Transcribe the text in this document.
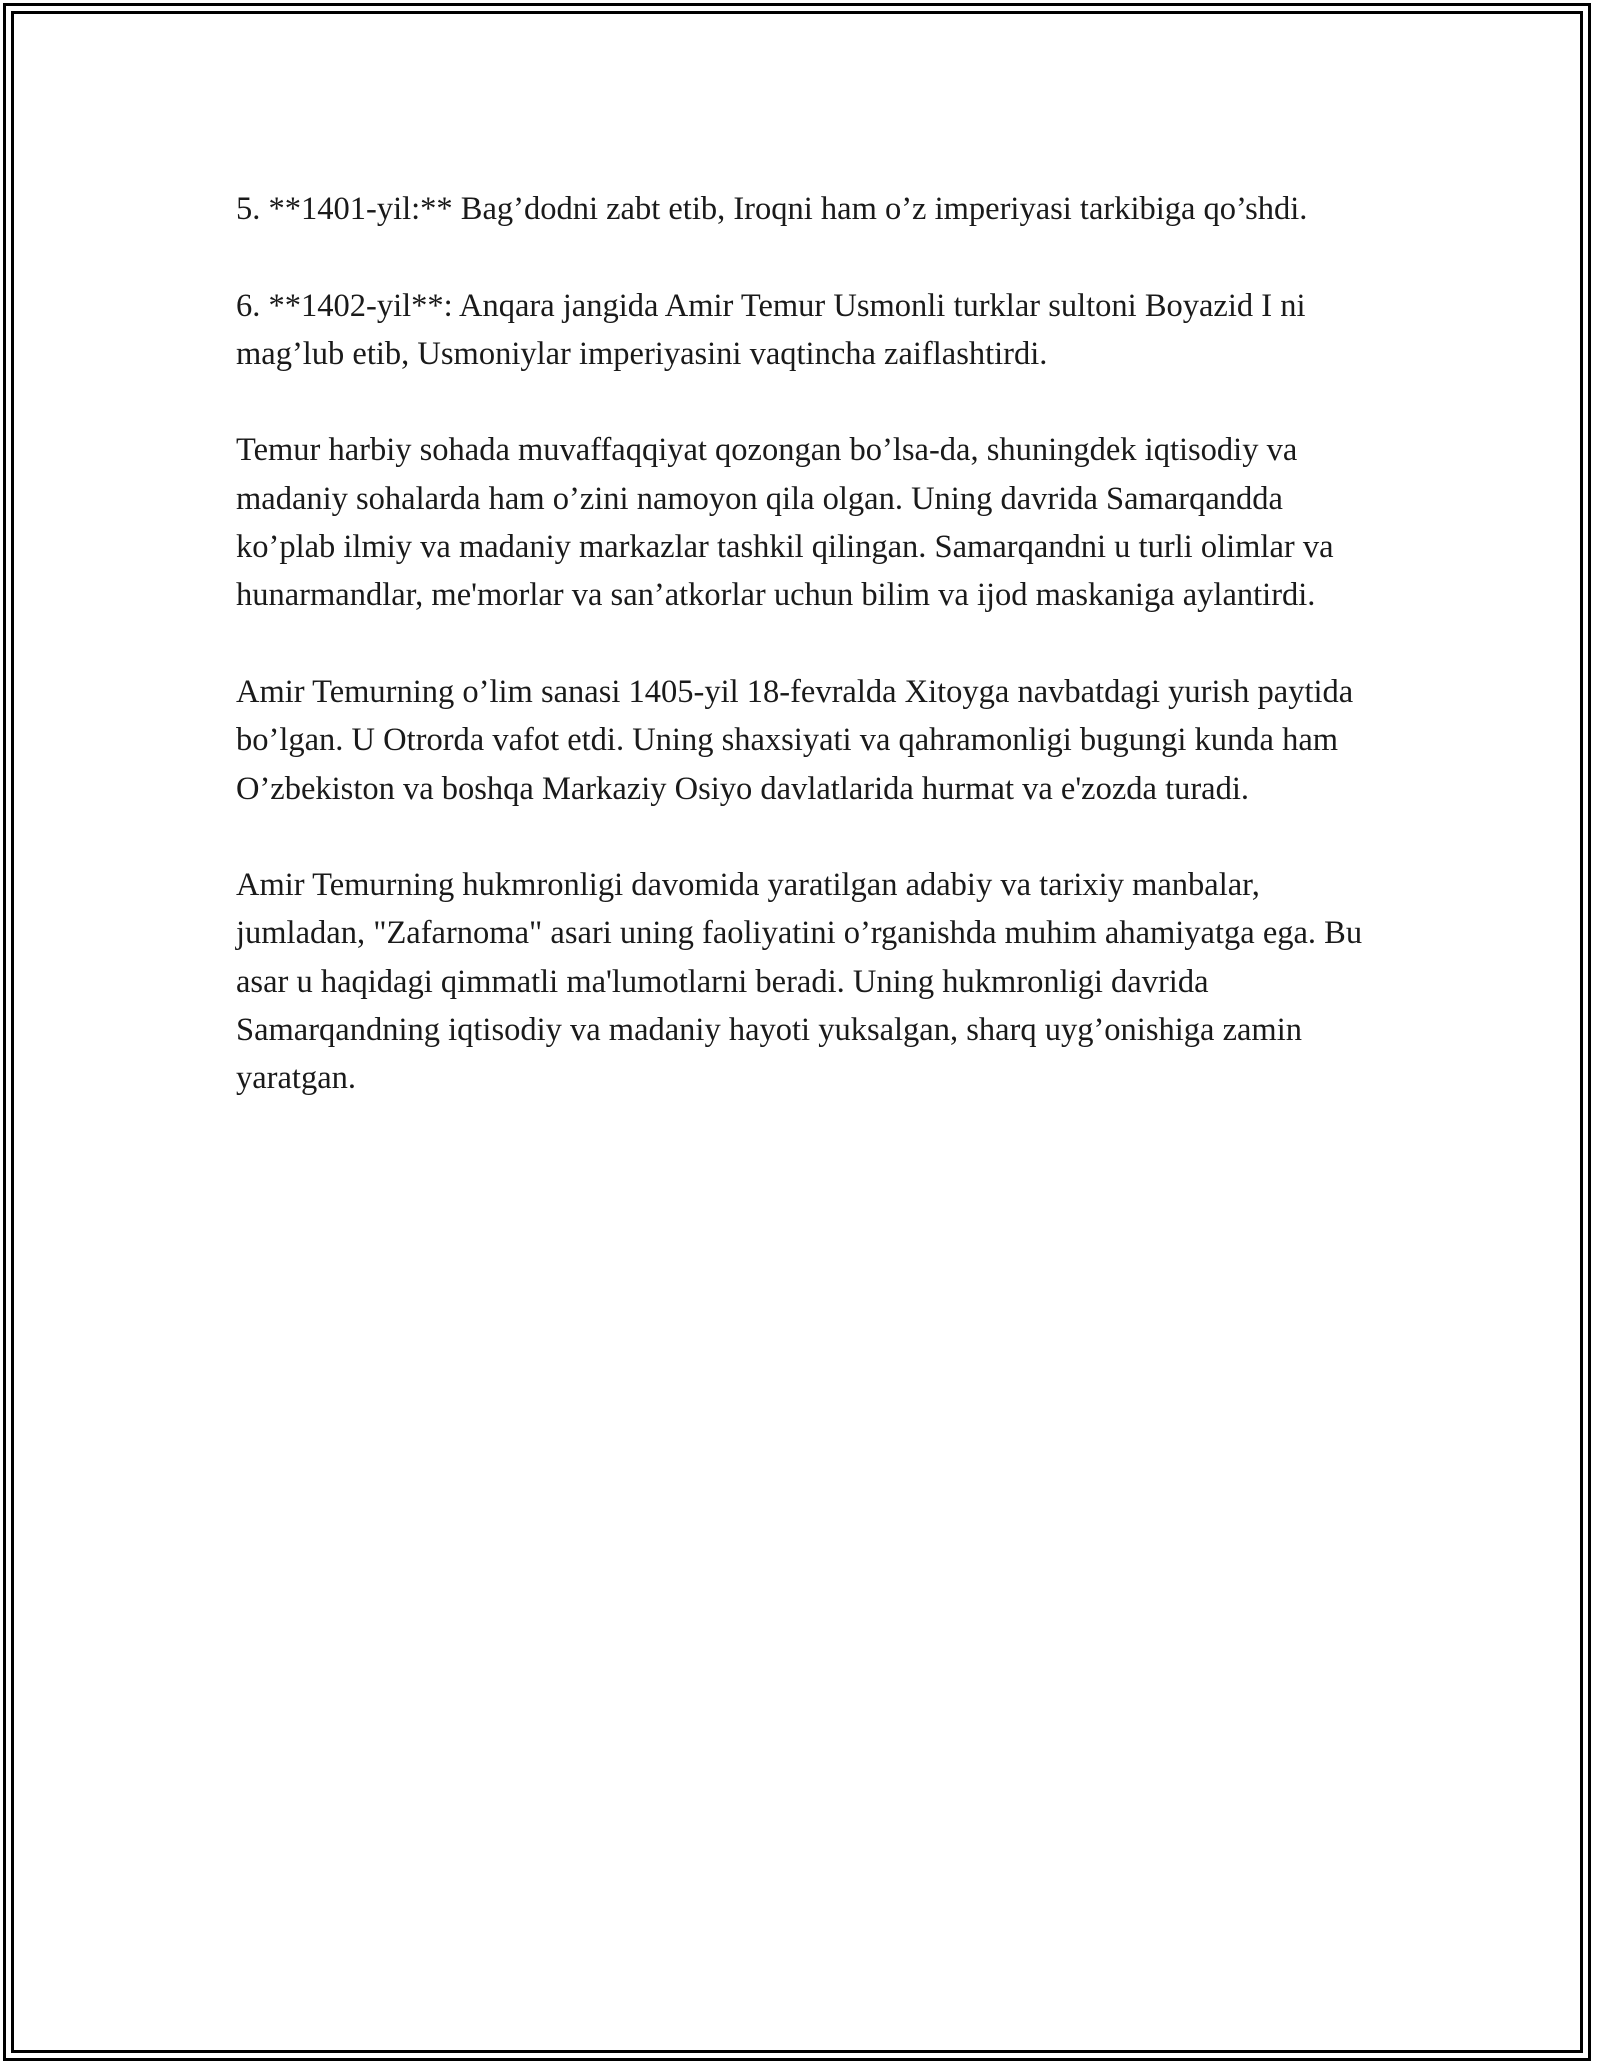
5. **1401-yil:** Bag’dodni zabt etib, Iroqni ham o’z imperiyasi tarkibiga qo’shdi.

6. **1402-yil**: Anqara jangida Amir Temur Usmonli turklar sultoni Boyazid I ni mag’lub etib, Usmoniylar imperiyasini vaqtincha zaiflashtirdi.

Temur harbiy sohada muvaffaqqiyat qozongan bo’lsa-da, shuningdek iqtisodiy va madaniy sohalarda ham o’zini namoyon qila olgan. Uning davrida Samarqandda ko’plab ilmiy va madaniy markazlar tashkil qilingan. Samarqandni u turli olimlar va hunarmandlar, me'morlar va san’atkorlar uchun bilim va ijod maskaniga aylantirdi.

Amir Temurning o’lim sanasi 1405-yil 18-fevralda Xitoyga navbatdagi yurish paytida bo’lgan. U Otrorda vafot etdi. Uning shaxsiyati va qahramonligi bugungi kunda ham O’zbekiston va boshqa Markaziy Osiyo davlatlarida hurmat va e'zozda turadi.

Amir Temurning hukmronligi davomida yaratilgan adabiy va tarixiy manbalar, jumladan, "Zafarnoma" asari uning faoliyatini o’rganishda muhim ahamiyatga ega. Bu asar u haqidagi qimmatli ma'lumotlarni beradi. Uning hukmronligi davrida Samarqandning iqtisodiy va madaniy hayoti yuksalgan, sharq uyg’onishiga zamin yaratgan.
